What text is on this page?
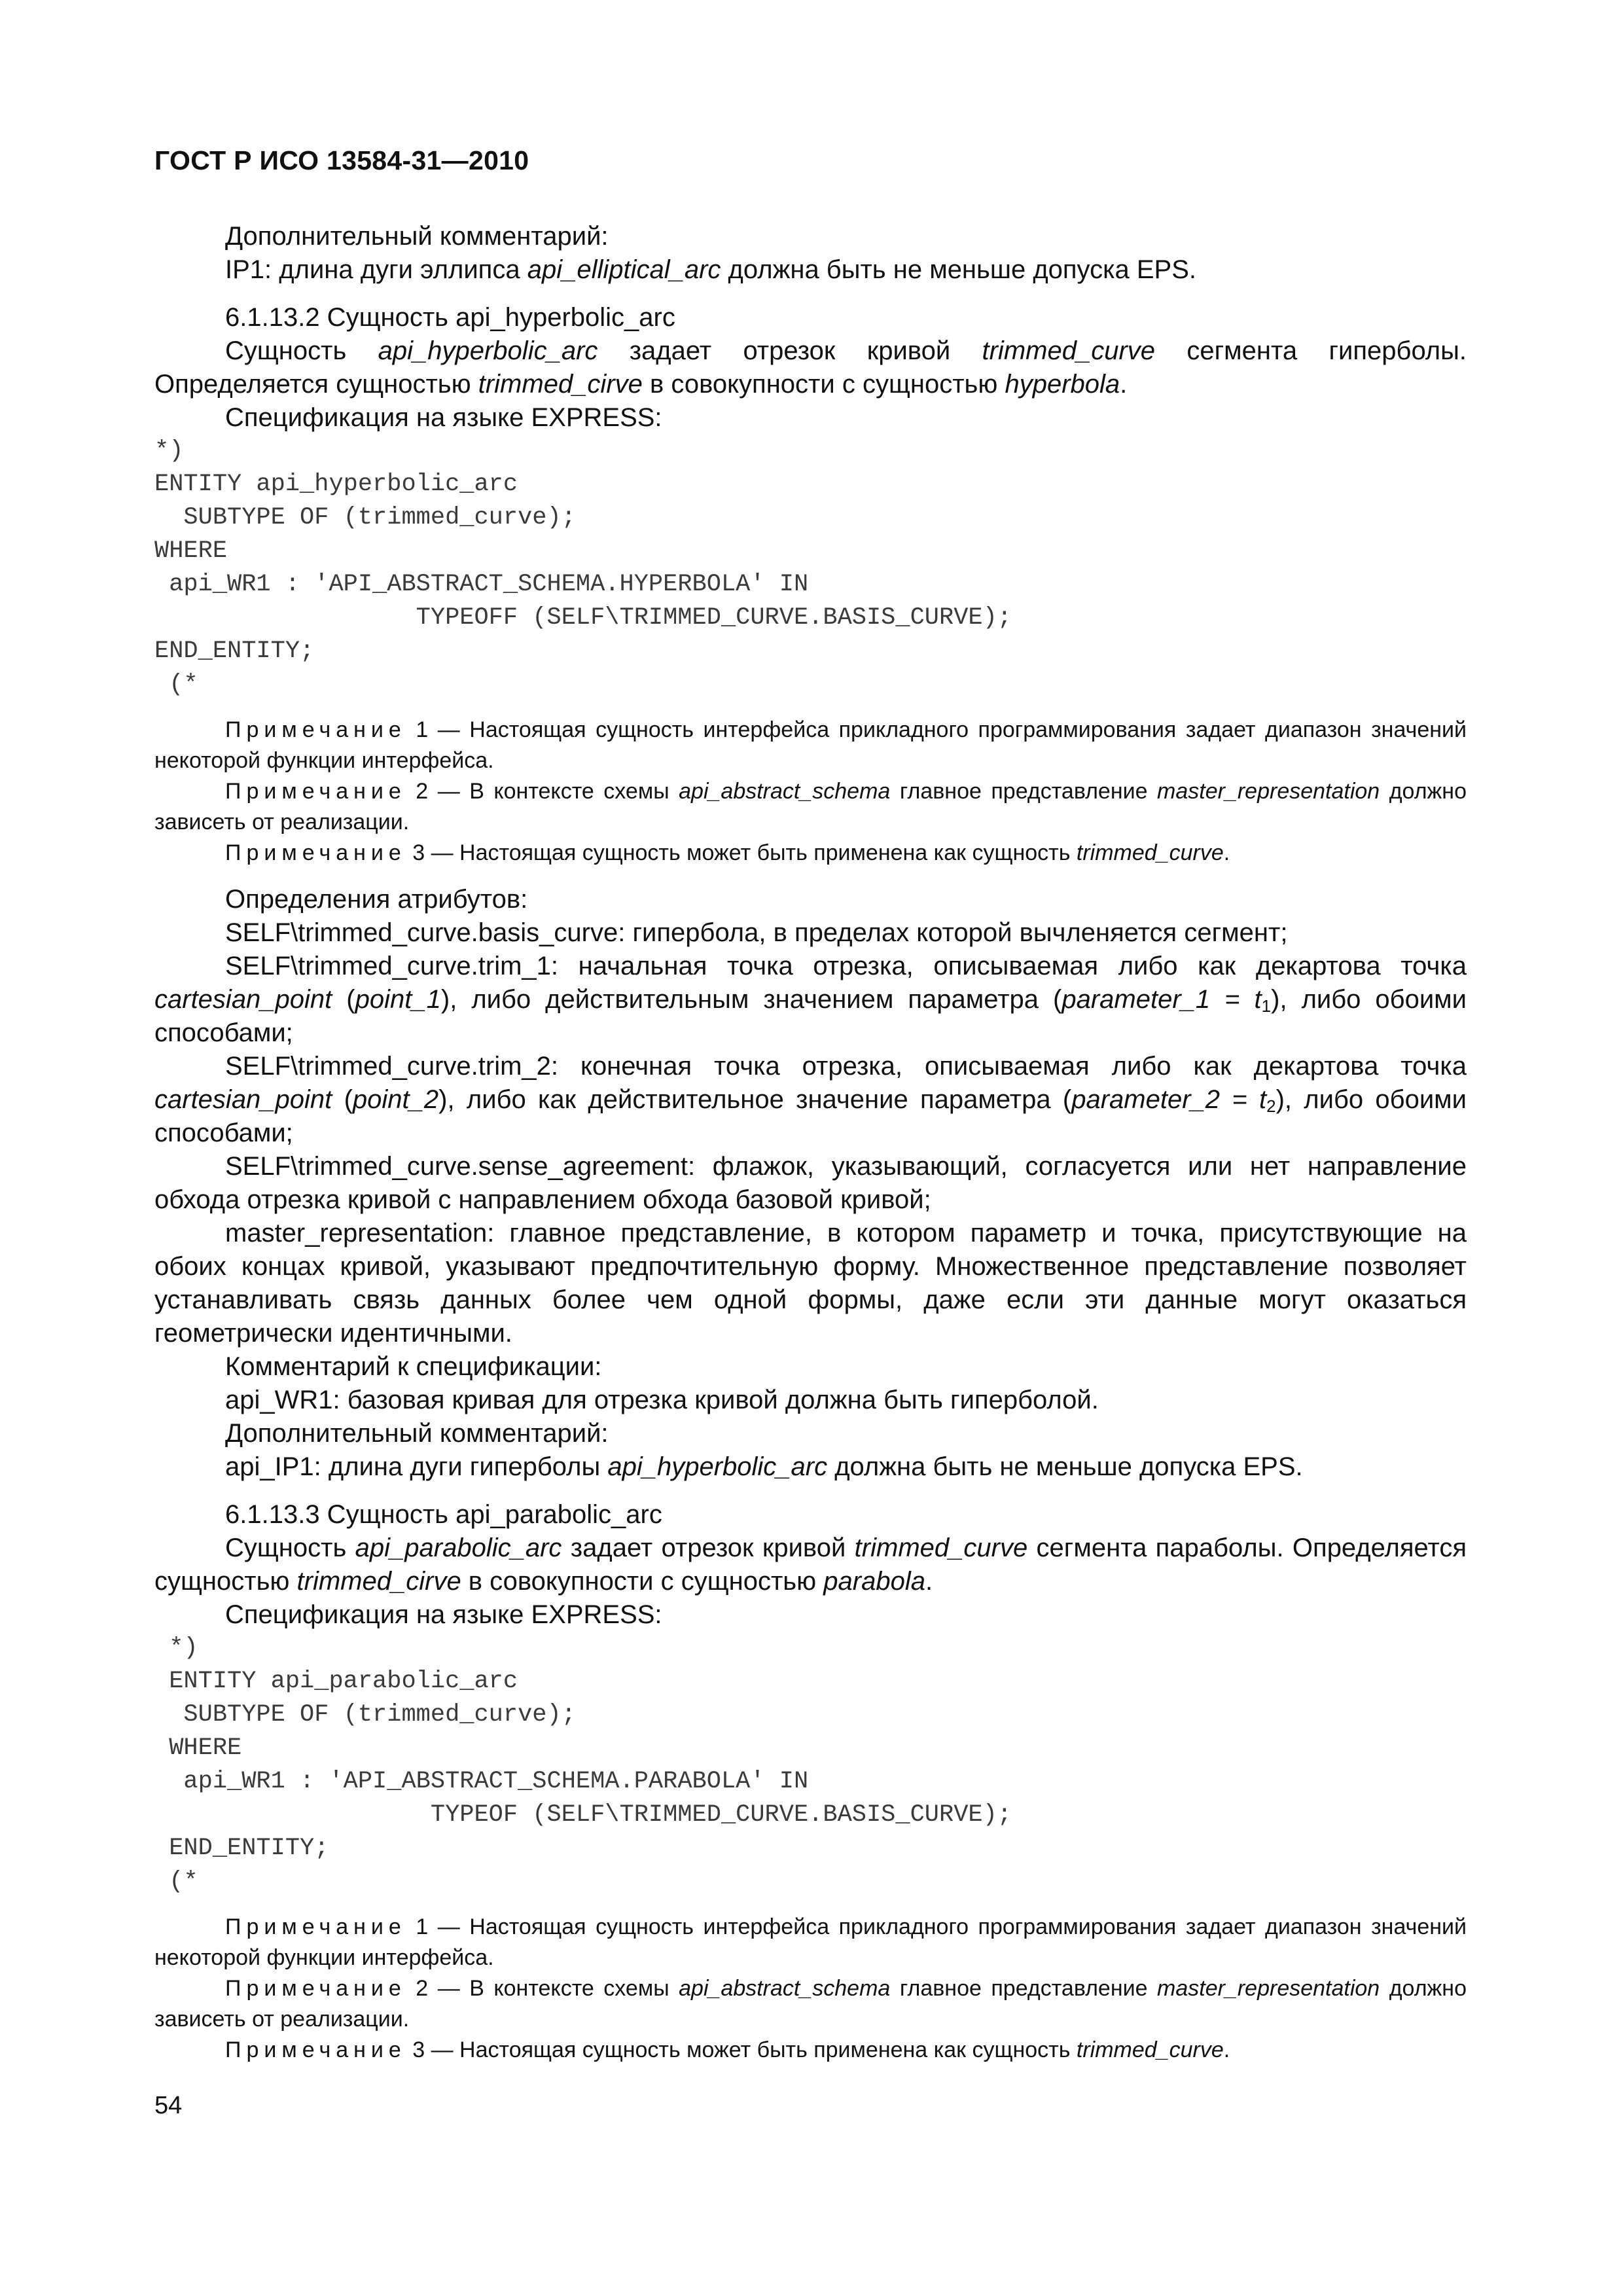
ГОСТ Р ИСО 13584-31—2010

Дополнительный комментарий:

IP1: длина дуги эллипса api_elliptical_arc должна быть не меньше допуска EPS.

6.1.13.2 Сущность api_hyperbolic_arc

Сущность api_hyperbolic_arc задает отрезок кривой trimmed_curve сегмента гиперболы. Определяется сущностью trimmed_cirve в совокупности с сущностью hyperbola.

Спецификация на языке EXPRESS:

*)
ENTITY api_hyperbolic_arc
SUBTYPE OF (trimmed_curve);
WHERE
api_WR1 : 'API_ABSTRACT_SCHEMA.HYPERBOLA' IN
TYPEOFF (SELF\TRIMMED_CURVE.BASIS_CURVE);
END_ENTITY;
(*

Примечание 1 — Настоящая сущность интерфейса прикладного программирования задает диапазон значений некоторой функции интерфейса.

Примечание 2 — В контексте схемы api_abstract_schema главное представление master_representation должно зависеть от реализации.

Примечание 3 — Настоящая сущность может быть применена как сущность trimmed_curve.

Определения атрибутов:

SELF\trimmed_curve.basis_curve: гипербола, в пределах которой вычленяется сегмент;

SELF\trimmed_curve.trim_1: начальная точка отрезка, описываемая либо как декартова точка cartesian_point (point_1), либо действительным значением параметра (parameter_1 = $t_1$), либо обоими способами;

SELF\trimmed_curve.trim_2: конечная точка отрезка, описываемая либо как декартова точка cartesian_point (point_2), либо как действительное значение параметра (parameter_2 = $t_2$), либо обоими способами;

SELF\trimmed_curve.sense_agreement: флажок, указывающий, согласуется или нет направление обхода отрезка кривой с направлением обхода базовой кривой;

master_representation: главное представление, в котором параметр и точка, присутствующие на обоих концах кривой, указывают предпочтительную форму. Множественное представление позволяет устанавливать связь данных более чем одной формы, даже если эти данные могут оказаться геометрически идентичными.

Комментарий к спецификации:

api_WR1: базовая кривая для отрезка кривой должна быть гиперболой.

Дополнительный комментарий:

api_IP1: длина дуги гиперболы api_hyperbolic_arc должна быть не меньше допуска EPS.

6.1.13.3 Сущность api_parabolic_arc

Сущность api_parabolic_arc задает отрезок кривой trimmed_curve сегмента параболы. Определяется сущностью trimmed_cirve в совокупности с сущностью parabola.

Спецификация на языке EXPRESS:

*)
ENTITY api_parabolic_arc
SUBTYPE OF (trimmed_curve);
WHERE
api_WR1 : 'API_ABSTRACT_SCHEMA.PARABOLA' IN
TYPEOF (SELF\TRIMMED_CURVE.BASIS_CURVE);
END_ENTITY;
(*

Примечание 1 — Настоящая сущность интерфейса прикладного программирования задает диапазон значений некоторой функции интерфейса.

Примечание 2 — В контексте схемы api_abstract_schema главное представление master_representation должно зависеть от реализации.

Примечание 3 — Настоящая сущность может быть применена как сущность trimmed_curve.

54
